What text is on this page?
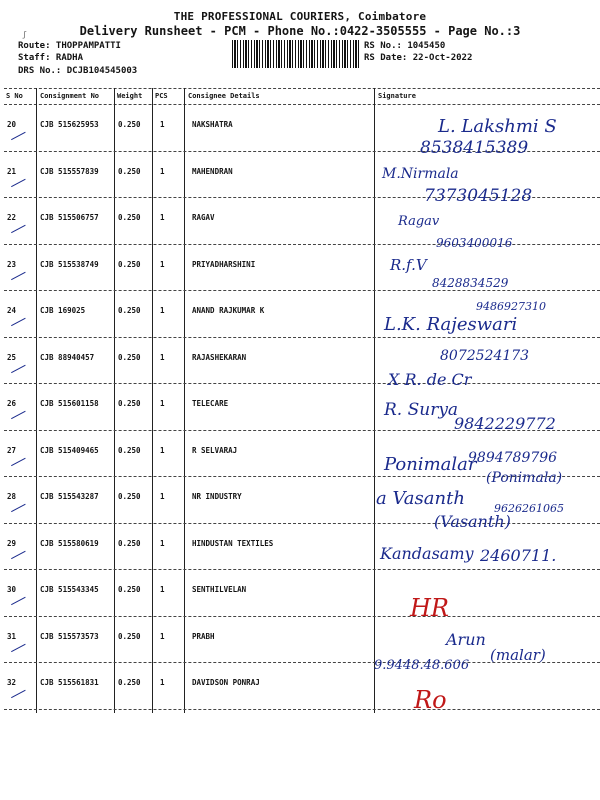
THE PROFESSIONAL COURIERS, Coimbatore
Delivery Runsheet - PCM - Phone No.:0422-3505555 - Page No.:3
Route: THOPPAMPATTI
Staff: RADHA
DRS No.: DCJB104545003
RS No.: 1045450
RS Date: 22-Oct-2022
ʃ
S No Consignment No	Weight PCS	Consignee Details	Signature
20	CJB 515625953	0.250	1	NAKSHATRA	L. Lakshmi S
8538415389
21	CJB 515557839	0.250	1	MAHENDRAN	M.Nirmala
7373045128
22	CJB 515506757	0.250	1	RAGAV	Ragav
9603400016
23	CJB 515538749	0.250	1	PRIYADHARSHINI	R.f.V
8428834529
24	CJB 169025	0.250	1	ANAND RAJKUMAR K
L.K. Rajeswari
9486927310
25	CJB 88940457	0.250	1	RAJASHEKARAN
X R. de Cr
8072524173
26	CJB 515601158	0.250	1	TELECARE	R. Surya
9842229772
27	CJB 515409465	0.250	1	R SELVARAJ
Ponimalar
9894789796
(Ponimala)
28	CJB 515543287	0.250	1	NR INDUSTRY	a Vasanth	9626261065
(Vasanth)
29	CJB 515580619	0.250	1	HINDUSTAN TEXTILES
Kandasamy 2460711.
30	CJB 515543345	0.250	1	SENTHILVELAN
HR
31	CJB 515573573	0.250	1	PRABH	Arun
9.9448.48.606
(malar)
32	CJB 515561831	0.250	1	DAVIDSON PONRAJ
Ro
